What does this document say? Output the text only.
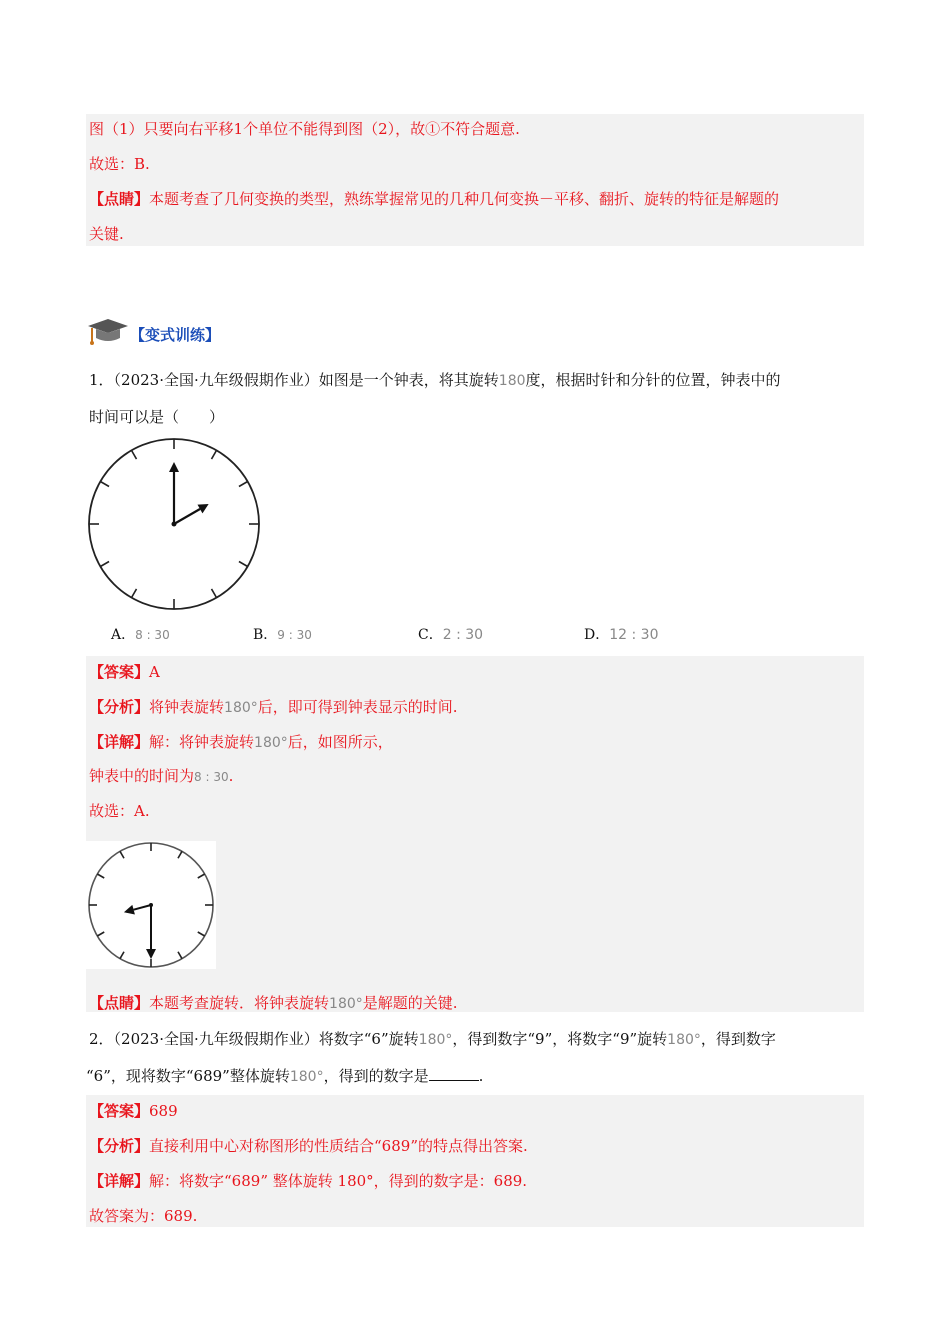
图（1）只要向右平移1个单位不能得到图（2），故①不符合题意.
故选：B.
【点睛】本题考查了几何变换的类型，熟练掌握常见的几种几何变换－平移、翻折、旋转的特征是解题的
关键.
【变式训练】
1．（2023·全国·九年级假期作业）如图是一个钟表，将其旋转180度，根据时针和分针的位置，钟表中的
时间可以是（　　）
A．8 : 30	B．9 : 30	C．2 : 30	D．12 : 30
【答案】A
【分析】将钟表旋转180°后，即可得到钟表显示的时间.
【详解】解：将钟表旋转180°后，如图所示，
钟表中的时间为8 : 30.
故选：A.
【点睛】本题考查旋转．将钟表旋转180°是解题的关键.
2．（2023·全国·九年级假期作业）将数字“6”旋转180°，得到数字“9”，将数字“9”旋转180°，得到数字
“6”，现将数字“689”整体旋转180°，得到的数字是	.
【答案】689
【分析】直接利用中心对称图形的性质结合“689”的特点得出答案.
【详解】解：将数字“689” 整体旋转 180°，得到的数字是：689.
故答案为：689.
